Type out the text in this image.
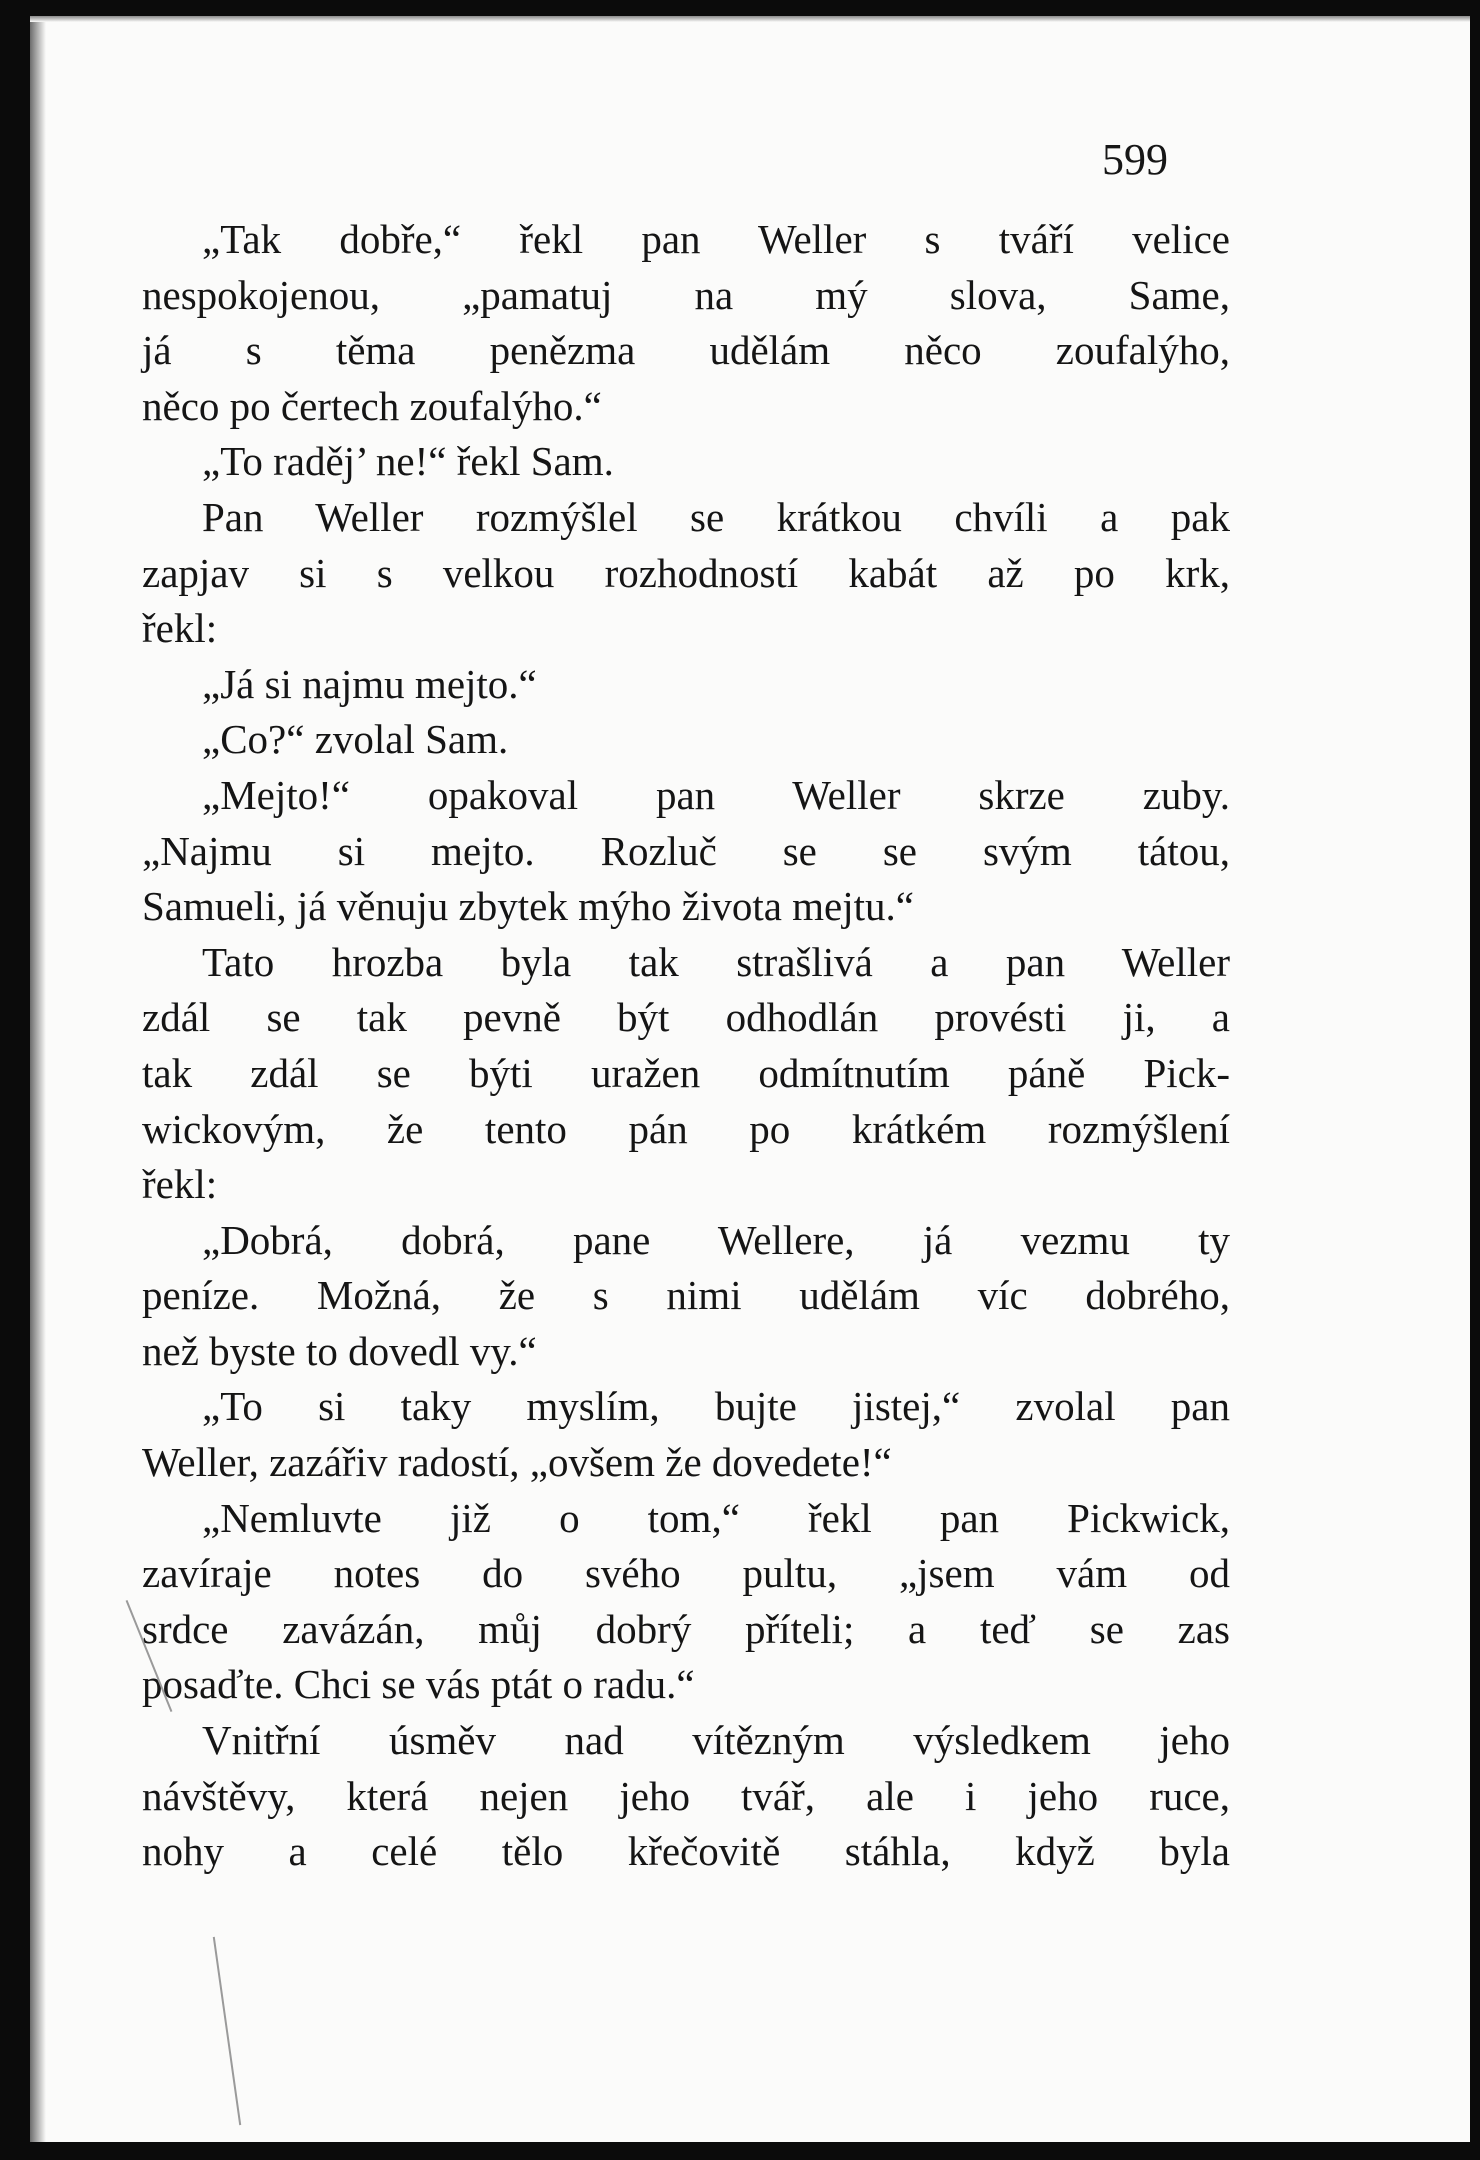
599
„Tak dobře,“ řekl pan Weller s tváří velice
nespokojenou, „pamatuj na mý slova, Same,
já s těma penězma udělám něco zoufalýho,
něco po čertech zoufalýho.“
„To raděj’ ne!“ řekl Sam.
Pan Weller rozmýšlel se krátkou chvíli a pak
zapjav si s velkou rozhodností kabát až po krk,
řekl:
„Já si najmu mejto.“
„Co?“ zvolal Sam.
„Mejto!“ opakoval pan Weller skrze zuby.
„Najmu si mejto. Rozluč se se svým tátou,
Samueli, já věnuju zbytek mýho života mejtu.“
Tato hrozba byla tak strašlivá a pan Weller
zdál se tak pevně být odhodlán provésti ji, a
tak zdál se býti uražen odmítnutím páně Pick-
wickovým, že tento pán po krátkém rozmýšlení
řekl:
„Dobrá, dobrá, pane Wellere, já vezmu ty
peníze. Možná, že s nimi udělám víc dobrého,
než byste to dovedl vy.“
„To si taky myslím, bujte jistej,“ zvolal pan
Weller, zazářiv radostí, „ovšem že dovedete!“
„Nemluvte již o tom,“ řekl pan Pickwick,
zavíraje notes do svého pultu, „jsem vám od
srdce zavázán, můj dobrý příteli; a teď se zas
posaďte. Chci se vás ptát o radu.“
Vnitřní úsměv nad vítězným výsledkem jeho
návštěvy, která nejen jeho tvář, ale i jeho ruce,
nohy a celé tělo křečovitě stáhla, když byla
